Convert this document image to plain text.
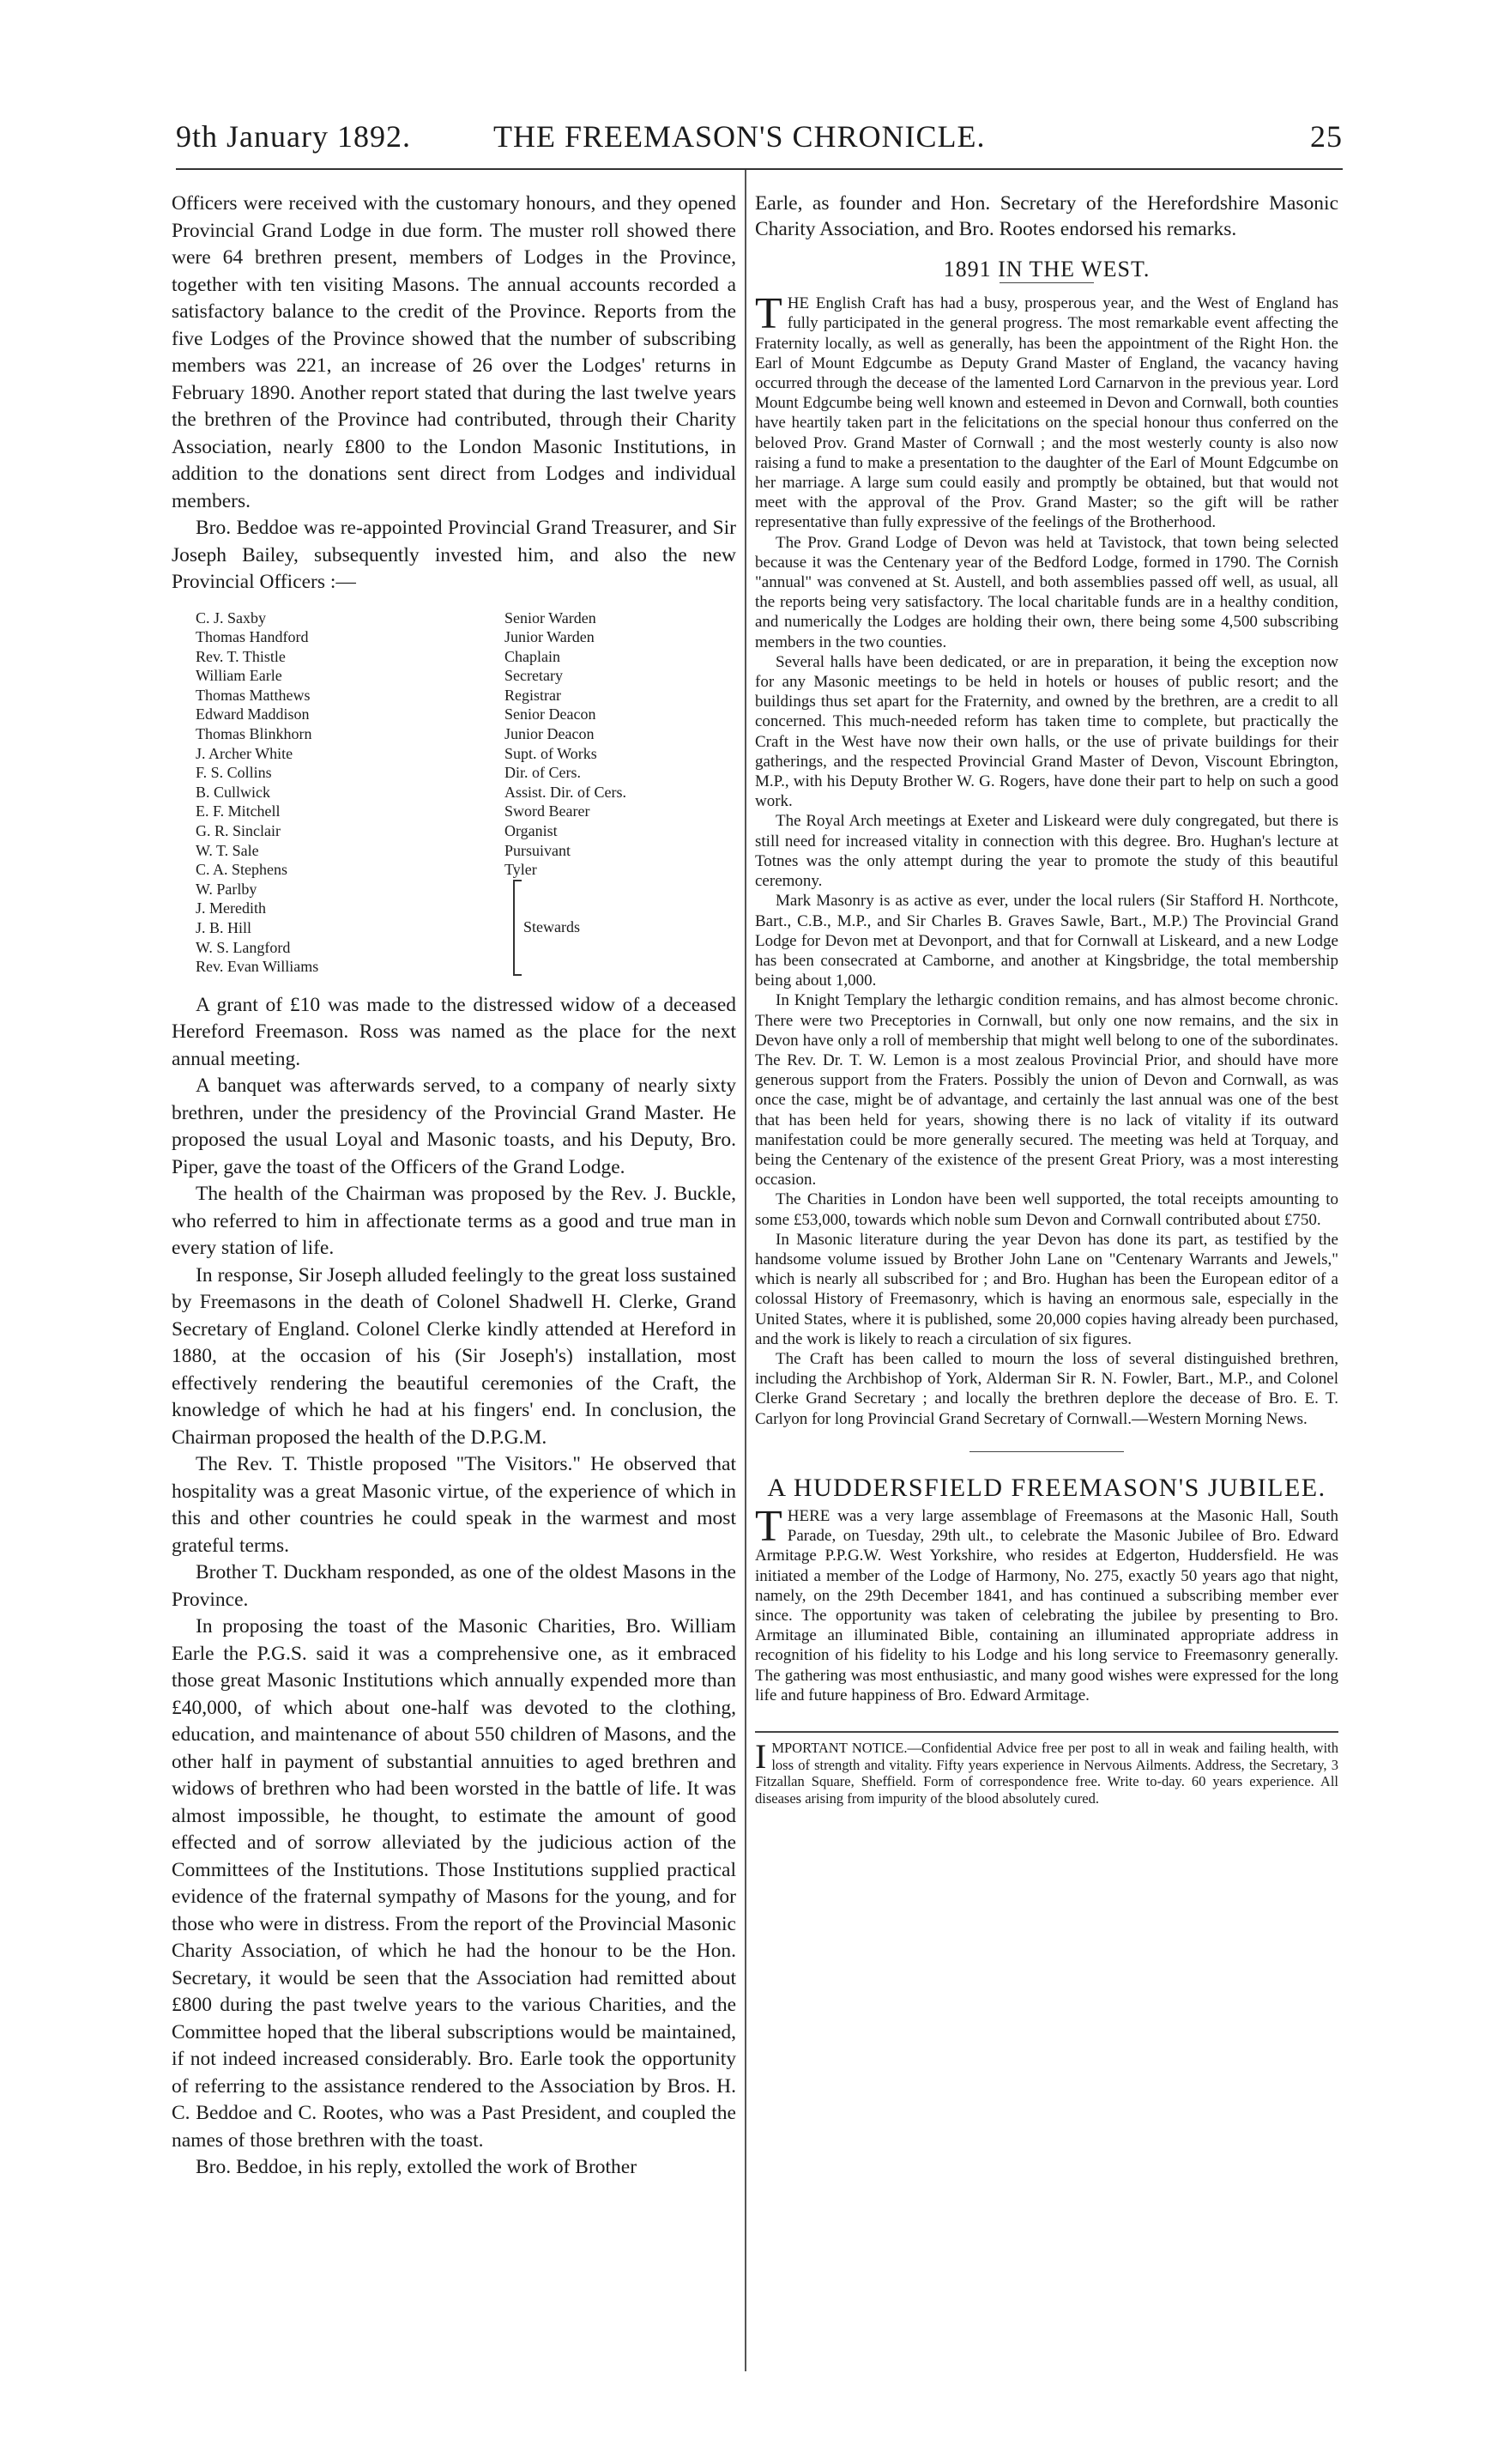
9th January 1892.	THE FREEMASON'S CHRONICLE.	25

Officers were received with the customary honours, and they opened Provincial Grand Lodge in due form. The muster roll showed there were 64 brethren present, members of Lodges in the Province, together with ten visiting Masons. The annual accounts recorded a satisfactory balance to the credit of the Province. Reports from the five Lodges of the Province showed that the number of subscribing members was 221, an increase of 26 over the Lodges' returns in February 1890. Another report stated that during the last twelve years the brethren of the Province had contributed, through their Charity Association, nearly £800 to the London Masonic Institutions, in addition to the donations sent direct from Lodges and individual members.

Bro. Beddoe was re-appointed Provincial Grand Treasurer, and Sir Joseph Bailey, subsequently invested him, and also the new Provincial Officers :—

C. J. Saxby	Senior Warden
Thomas Handford	Junior Warden
Rev. T. Thistle	Chaplain
William Earle	Secretary
Thomas Matthews	Registrar
Edward Maddison	Senior Deacon
Thomas Blinkhorn	Junior Deacon
J. Archer White	Supt. of Works
F. S. Collins	Dir. of Cers.
B. Cullwick	Assist. Dir. of Cers.
E. F. Mitchell	Sword Bearer
G. R. Sinclair	Organist
W. T. Sale	Pursuivant
C. A. Stephens	Tyler
W. Parlby
J. Meredith
J. B. Hill
W. S. Langford
Rev. Evan Williams
Stewards

A grant of £10 was made to the distressed widow of a deceased Hereford Freemason. Ross was named as the place for the next annual meeting.

A banquet was afterwards served, to a company of nearly sixty brethren, under the presidency of the Provincial Grand Master. He proposed the usual Loyal and Masonic toasts, and his Deputy, Bro. Piper, gave the toast of the Officers of the Grand Lodge.

The health of the Chairman was proposed by the Rev. J. Buckle, who referred to him in affectionate terms as a good and true man in every station of life.

In response, Sir Joseph alluded feelingly to the great loss sustained by Freemasons in the death of Colonel Shadwell H. Clerke, Grand Secretary of England. Colonel Clerke kindly attended at Hereford in 1880, at the occasion of his (Sir Joseph's) installation, most effectively rendering the beautiful ceremonies of the Craft, the knowledge of which he had at his fingers' end. In conclusion, the Chairman proposed the health of the D.P.G.M.

The Rev. T. Thistle proposed "The Visitors." He observed that hospitality was a great Masonic virtue, of the experience of which in this and other countries he could speak in the warmest and most grateful terms.

Brother T. Duckham responded, as one of the oldest Masons in the Province.

In proposing the toast of the Masonic Charities, Bro. William Earle the P.G.S. said it was a comprehensive one, as it embraced those great Masonic Institutions which annually expended more than £40,000, of which about one-half was devoted to the clothing, education, and maintenance of about 550 children of Masons, and the other half in payment of substantial annuities to aged brethren and widows of brethren who had been worsted in the battle of life. It was almost impossible, he thought, to estimate the amount of good effected and of sorrow alleviated by the judicious action of the Committees of the Institutions. Those Institutions supplied practical evidence of the fraternal sympathy of Masons for the young, and for those who were in distress. From the report of the Provincial Masonic Charity Association, of which he had the honour to be the Hon. Secretary, it would be seen that the Association had remitted about £800 during the past twelve years to the various Charities, and the Committee hoped that the liberal subscriptions would be maintained, if not indeed increased considerably. Bro. Earle took the opportunity of referring to the assistance rendered to the Association by Bros. H. C. Beddoe and C. Rootes, who was a Past President, and coupled the names of those brethren with the toast.

Bro. Beddoe, in his reply, extolled the work of Brother

Earle, as founder and Hon. Secretary of the Herefordshire Masonic Charity Association, and Bro. Rootes endorsed his remarks.

1891 IN THE WEST.

THE English Craft has had a busy, prosperous year, and the West of England has fully participated in the general progress. The most remarkable event affecting the Fraternity locally, as well as generally, has been the appointment of the Right Hon. the Earl of Mount Edgcumbe as Deputy Grand Master of England, the vacancy having occurred through the decease of the lamented Lord Carnarvon in the previous year. Lord Mount Edgcumbe being well known and esteemed in Devon and Cornwall, both counties have heartily taken part in the felicitations on the special honour thus conferred on the beloved Prov. Grand Master of Cornwall ; and the most westerly county is also now raising a fund to make a presentation to the daughter of the Earl of Mount Edgcumbe on her marriage. A large sum could easily and promptly be obtained, but that would not meet with the approval of the Prov. Grand Master; so the gift will be rather representative than fully expressive of the feelings of the Brotherhood.

The Prov. Grand Lodge of Devon was held at Tavistock, that town being selected because it was the Centenary year of the Bedford Lodge, formed in 1790. The Cornish "annual" was convened at St. Austell, and both assemblies passed off well, as usual, all the reports being very satisfactory. The local charitable funds are in a healthy condition, and numerically the Lodges are holding their own, there being some 4,500 subscribing members in the two counties.

Several halls have been dedicated, or are in preparation, it being the exception now for any Masonic meetings to be held in hotels or houses of public resort; and the buildings thus set apart for the Fraternity, and owned by the brethren, are a credit to all concerned. This much-needed reform has taken time to complete, but practically the Craft in the West have now their own halls, or the use of private buildings for their gatherings, and the respected Provincial Grand Master of Devon, Viscount Ebrington, M.P., with his Deputy Brother W. G. Rogers, have done their part to help on such a good work.

The Royal Arch meetings at Exeter and Liskeard were duly congregated, but there is still need for increased vitality in connection with this degree. Bro. Hughan's lecture at Totnes was the only attempt during the year to promote the study of this beautiful ceremony.

Mark Masonry is as active as ever, under the local rulers (Sir Stafford H. Northcote, Bart., C.B., M.P., and Sir Charles B. Graves Sawle, Bart., M.P.) The Provincial Grand Lodge for Devon met at Devonport, and that for Cornwall at Liskeard, and a new Lodge has been consecrated at Camborne, and another at Kingsbridge, the total membership being about 1,000.

In Knight Templary the lethargic condition remains, and has almost become chronic. There were two Preceptories in Cornwall, but only one now remains, and the six in Devon have only a roll of membership that might well belong to one of the subordinates. The Rev. Dr. T. W. Lemon is a most zealous Provincial Prior, and should have more generous support from the Fraters. Possibly the union of Devon and Cornwall, as was once the case, might be of advantage, and certainly the last annual was one of the best that has been held for years, showing there is no lack of vitality if its outward manifestation could be more generally secured. The meeting was held at Torquay, and being the Centenary of the existence of the present Great Priory, was a most interesting occasion.

The Charities in London have been well supported, the total receipts amounting to some £53,000, towards which noble sum Devon and Cornwall contributed about £750.

In Masonic literature during the year Devon has done its part, as testified by the handsome volume issued by Brother John Lane on "Centenary Warrants and Jewels," which is nearly all subscribed for ; and Bro. Hughan has been the European editor of a colossal History of Freemasonry, which is having an enormous sale, especially in the United States, where it is published, some 20,000 copies having already been purchased, and the work is likely to reach a circulation of six figures.

The Craft has been called to mourn the loss of several distinguished brethren, including the Archbishop of York, Alderman Sir R. N. Fowler, Bart., M.P., and Colonel Clerke Grand Secretary ; and locally the brethren deplore the decease of Bro. E. T. Carlyon for long Provincial Grand Secretary of Cornwall.—Western Morning News.

A HUDDERSFIELD FREEMASON'S JUBILEE.

THERE was a very large assemblage of Freemasons at the Masonic Hall, South Parade, on Tuesday, 29th ult., to celebrate the Masonic Jubilee of Bro. Edward Armitage P.P.G.W. West Yorkshire, who resides at Edgerton, Huddersfield. He was initiated a member of the Lodge of Harmony, No. 275, exactly 50 years ago that night, namely, on the 29th December 1841, and has continued a subscribing member ever since. The opportunity was taken of celebrating the jubilee by presenting to Bro. Armitage an illuminated Bible, containing an illuminated appropriate address in recognition of his fidelity to his Lodge and his long service to Freemasonry generally. The gathering was most enthusiastic, and many good wishes were expressed for the long life and future happiness of Bro. Edward Armitage.

IMPORTANT NOTICE.—Confidential Advice free per post to all in weak and failing health, with loss of strength and vitality. Fifty years experience in Nervous Ailments. Address, the Secretary, 3 Fitzallan Square, Sheffield. Form of correspondence free. Write to-day. 60 years experience. All diseases arising from impurity of the blood absolutely cured.
